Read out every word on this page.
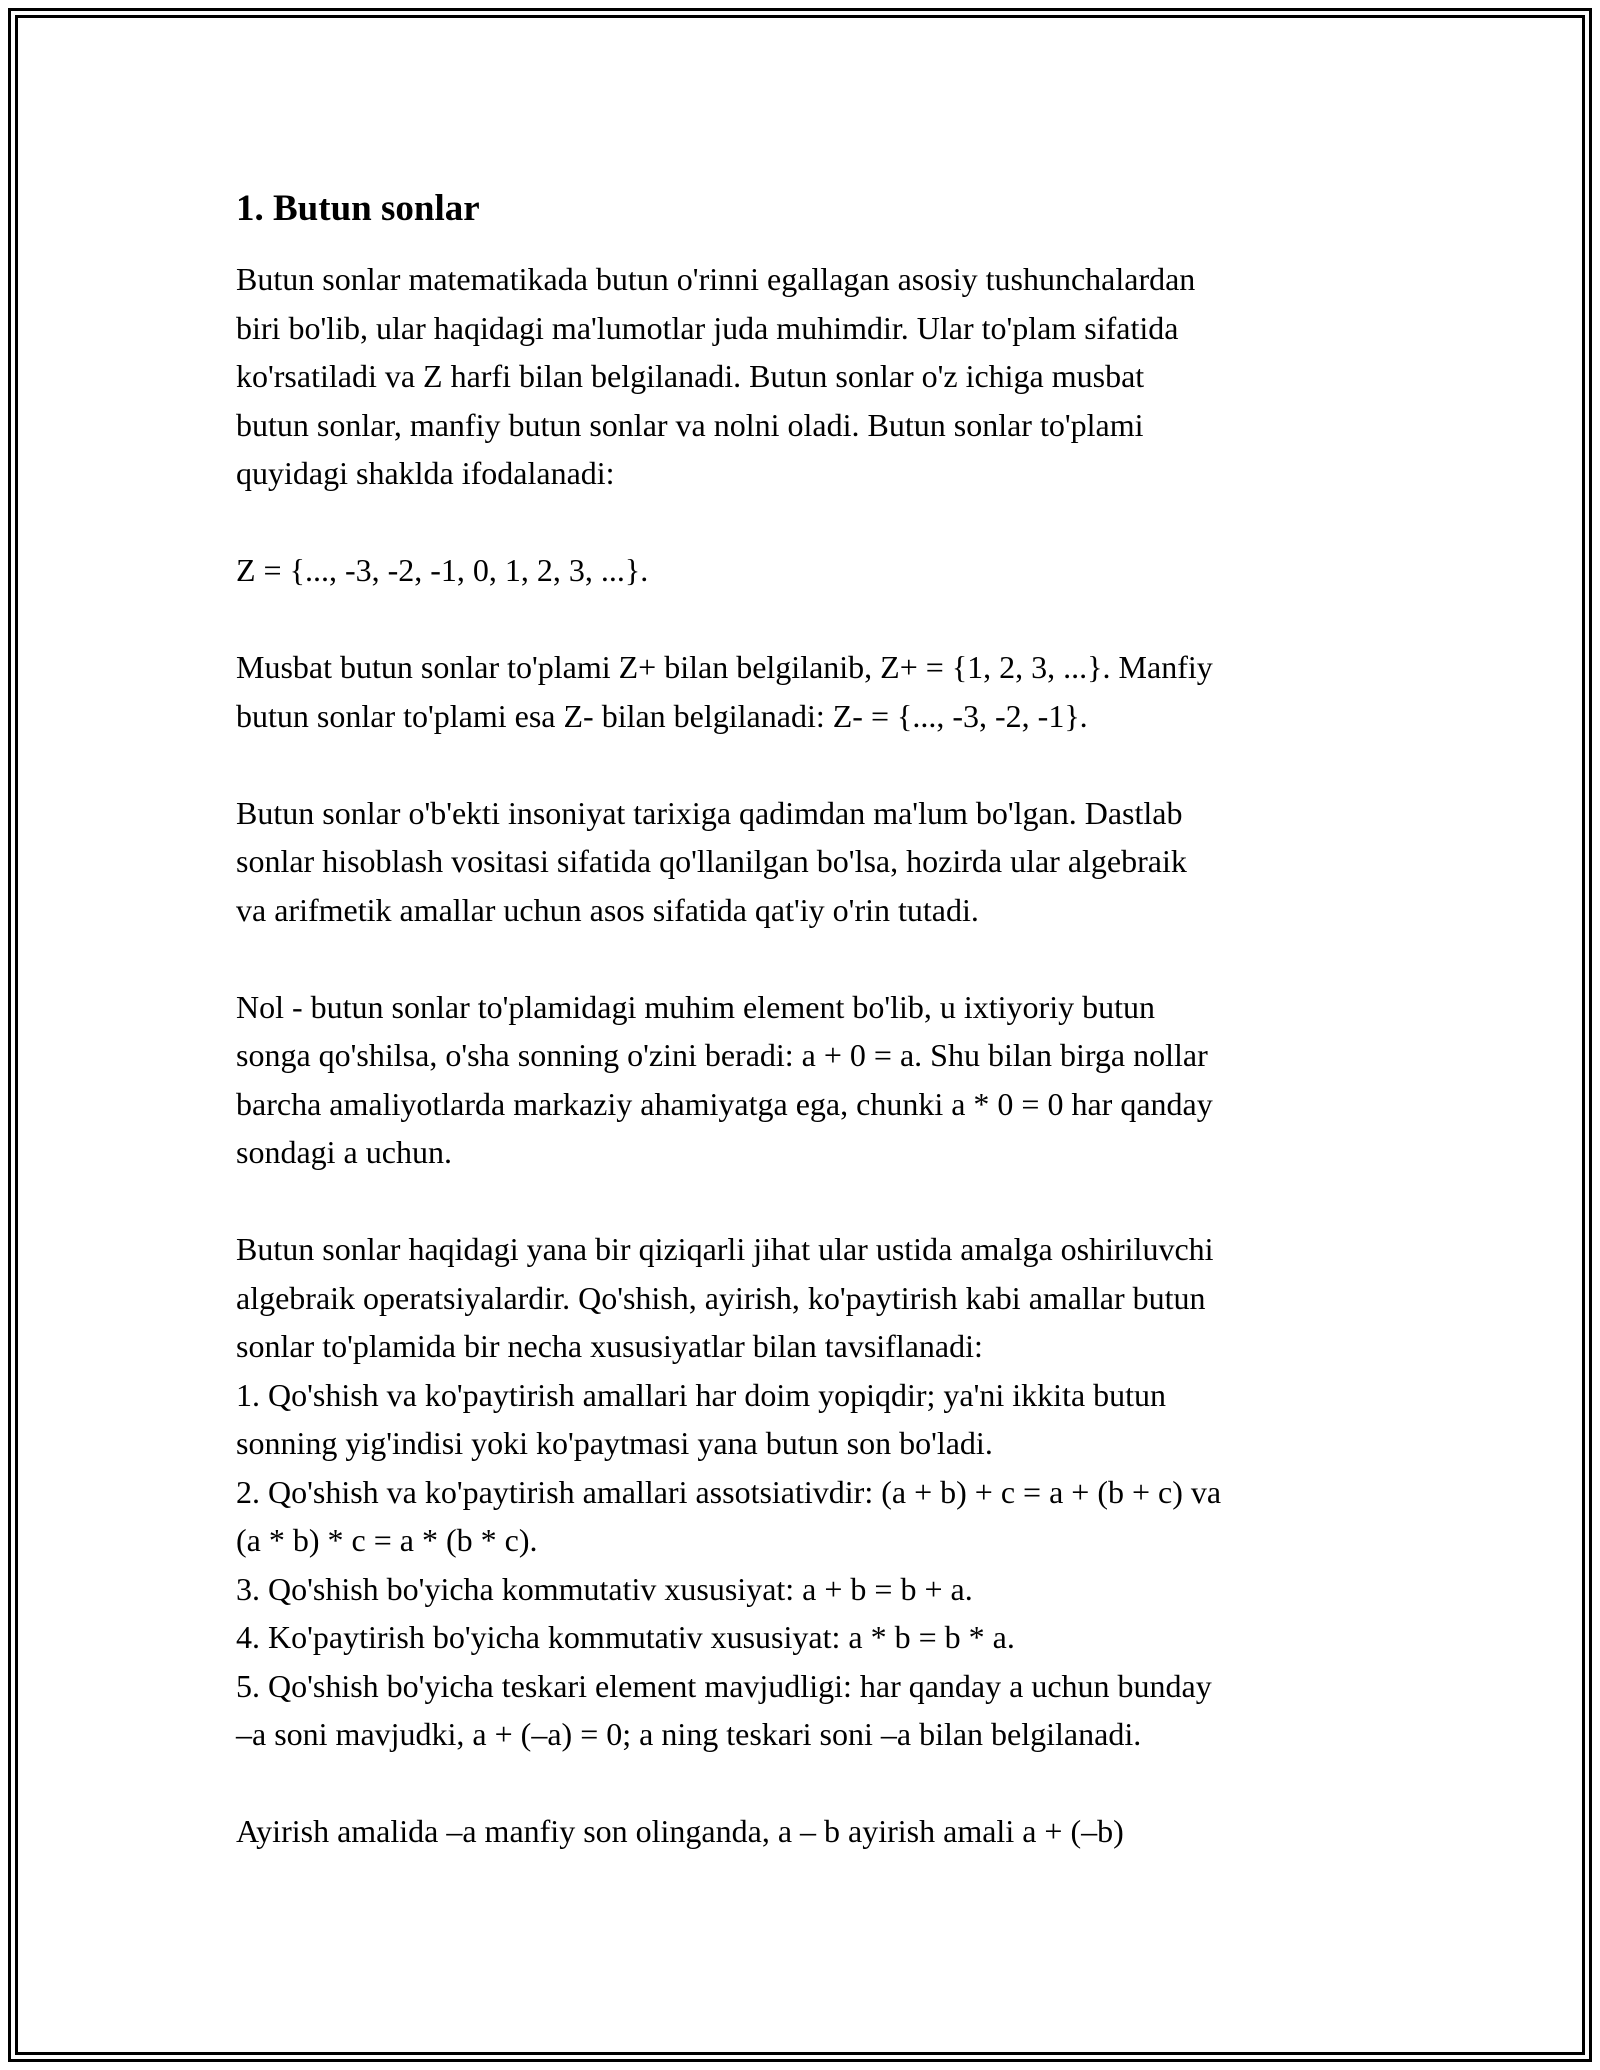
1. Butun sonlar
Butun sonlar matematikada butun o'rinni egallagan asosiy tushunchalardan
biri bo'lib, ular haqidagi ma'lumotlar juda muhimdir. Ular to'plam sifatida
ko'rsatiladi va Z harfi bilan belgilanadi. Butun sonlar o'z ichiga musbat
butun sonlar, manfiy butun sonlar va nolni oladi. Butun sonlar to'plami
quyidagi shaklda ifodalanadi:
Z = {..., -3, -2, -1, 0, 1, 2, 3, ...}.
Musbat butun sonlar to'plami Z+ bilan belgilanib, Z+ = {1, 2, 3, ...}. Manfiy
butun sonlar to'plami esa Z- bilan belgilanadi: Z- = {..., -3, -2, -1}.
Butun sonlar o'b'ekti insoniyat tarixiga qadimdan ma'lum bo'lgan. Dastlab
sonlar hisoblash vositasi sifatida qo'llanilgan bo'lsa, hozirda ular algebraik
va arifmetik amallar uchun asos sifatida qat'iy o'rin tutadi.
Nol - butun sonlar to'plamidagi muhim element bo'lib, u ixtiyoriy butun
songa qo'shilsa, o'sha sonning o'zini beradi: a + 0 = a. Shu bilan birga nollar
barcha amaliyotlarda markaziy ahamiyatga ega, chunki a * 0 = 0 har qanday
sondagi a uchun.
Butun sonlar haqidagi yana bir qiziqarli jihat ular ustida amalga oshiriluvchi
algebraik operatsiyalardir. Qo'shish, ayirish, ko'paytirish kabi amallar butun
sonlar to'plamida bir necha xususiyatlar bilan tavsiflanadi:
1. Qo'shish va ko'paytirish amallari har doim yopiqdir; ya'ni ikkita butun
sonning yig'indisi yoki ko'paytmasi yana butun son bo'ladi.
2. Qo'shish va ko'paytirish amallari assotsiativdir: (a + b) + c = a + (b + c) va
(a * b) * c = a * (b * c).
3. Qo'shish bo'yicha kommutativ xususiyat: a + b = b + a.
4. Ko'paytirish bo'yicha kommutativ xususiyat: a * b = b * a.
5. Qo'shish bo'yicha teskari element mavjudligi: har qanday a uchun bunday
–a soni mavjudki, a + (–a) = 0; a ning teskari soni –a bilan belgilanadi.
Ayirish amalida –a manfiy son olinganda, a – b ayirish amali a + (–b)
